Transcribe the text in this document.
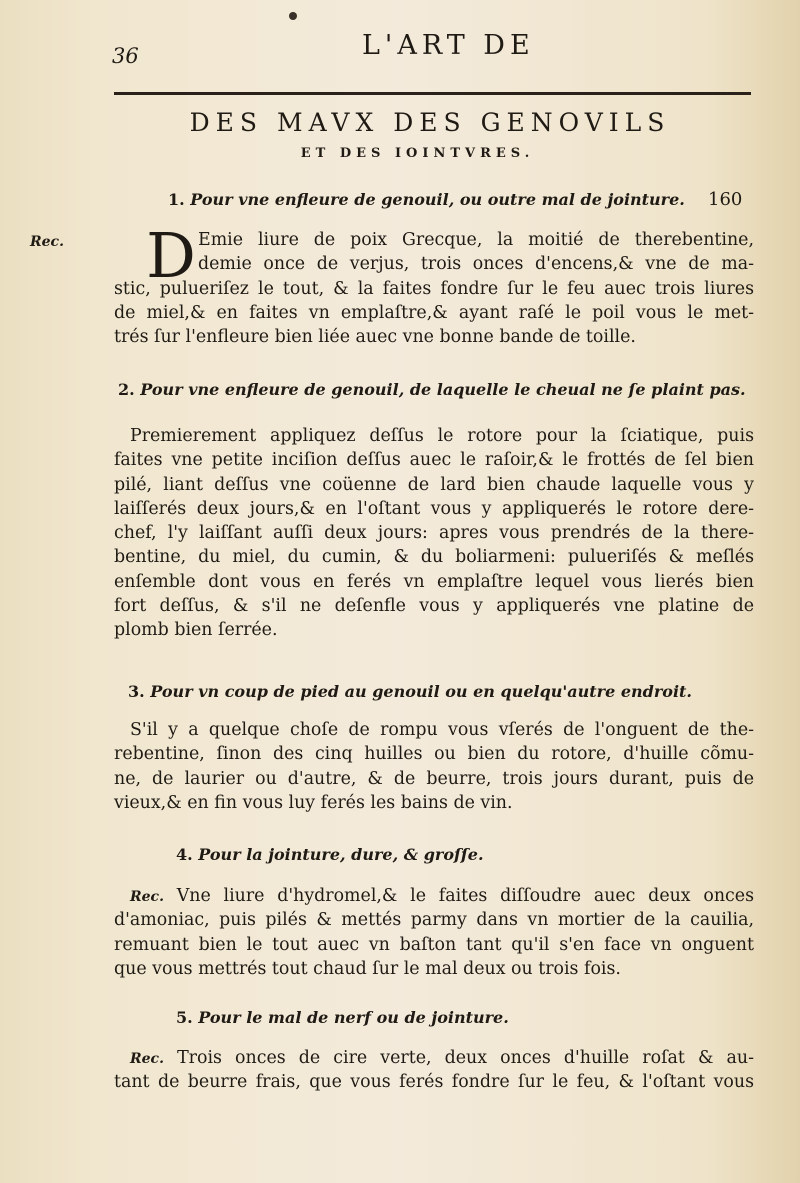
36	L'ART DE
DES MAVX DES GENOVILS
ET DES IOINTVRES.
1. Pour vne enfleure de genouil, ou outre mal de jointure. 160
D
Rec.	Emie liure de poix Grecque, la moitié de therebentine,
demie once de verjus, trois onces d'encens,& vne de ma-
stic, pulueriſez le tout, & la faites fondre ſur le feu auec trois liures
de miel,& en faites vn emplaſtre,& ayant raſé le poil vous le met-
trés ſur l'enfleure bien liée auec vne bonne bande de toille.
2. Pour vne enfleure de genouil, de laquelle le cheual ne ſe plaint pas.
Premierement appliquez deſſus le rotore pour la ſciatique, puis
faites vne petite inciſion deſſus auec le raſoir,& le frottés de ſel bien
pilé, liant deſſus vne coüenne de lard bien chaude laquelle vous y
laiſſerés deux jours,& en l'oſtant vous y appliquerés le rotore dere-
chef, l'y laiſſant auſſi deux jours: apres vous prendrés de la there-
bentine, du miel, du cumin, & du boliarmeni: pulueriſés & meſlés
enſemble dont vous en ferés vn emplaſtre lequel vous lierés bien
fort deſſus, & s'il ne deſenfle vous y appliquerés vne platine de
plomb bien ſerrée.
3. Pour vn coup de pied au genouil ou en quelqu'autre endroit.
S'il y a quelque choſe de rompu vous vſerés de l'onguent de the-
rebentine, ſinon des cinq huilles ou bien du rotore, d'huille cõmu-
ne, de laurier ou d'autre, & de beurre, trois jours durant, puis de
vieux,& en fin vous luy ferés les bains de vin.
4. Pour la jointure, dure, & groſſe.
Rec. Vne liure d'hydromel,& le faites diſſoudre auec deux onces
d'amoniac, puis pilés & mettés parmy dans vn mortier de la cauilia,
remuant bien le tout auec vn baſton tant qu'il s'en face vn onguent
que vous mettrés tout chaud ſur le mal deux ou trois fois.
5. Pour le mal de nerf ou de jointure.
Rec. Trois onces de cire verte, deux onces d'huille roſat & au-
tant de beurre frais, que vous ferés fondre ſur le feu, & l'oſtant vous
